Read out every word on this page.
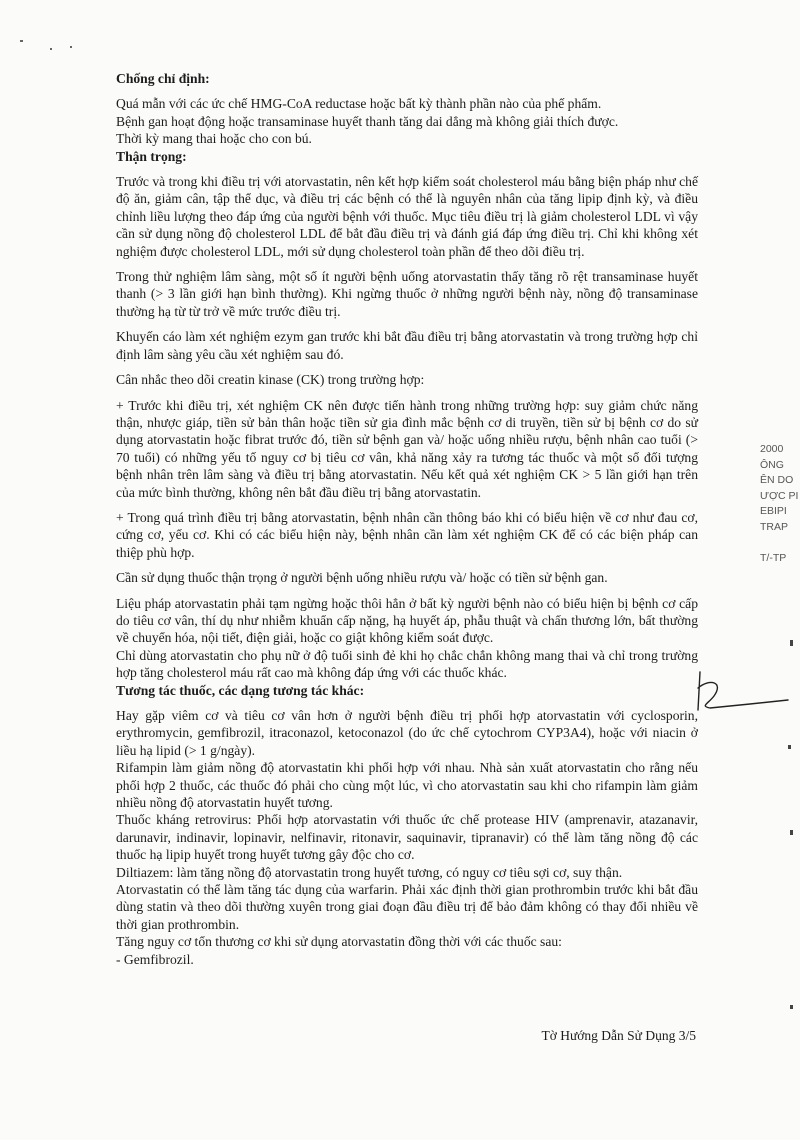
Chống chỉ định:

Quá mẫn với các ức chế HMG-CoA reductase hoặc bất kỳ thành phần nào của phế phẩm.

Bệnh gan hoạt động hoặc transaminase huyết thanh tăng dai dẳng mà không giải thích được.

Thời kỳ mang thai hoặc cho con bú.

Thận trọng:

Trước và trong khi điều trị với atorvastatin, nên kết hợp kiểm soát cholesterol máu bằng biện pháp như chế độ ăn, giảm cân, tập thể dục, và điều trị các bệnh có thể là nguyên nhân của tăng lipip định kỳ, và điều chỉnh liều lượng theo đáp ứng của người bệnh với thuốc. Mục tiêu điều trị là giảm cholesterol LDL vì vậy cần sử dụng nồng độ cholesterol LDL để bắt đầu điều trị và đánh giá đáp ứng điều trị. Chỉ khi không xét nghiệm được cholesterol LDL, mới sử dụng cholesterol toàn phần để theo dõi điều trị.

Trong thử nghiệm lâm sàng, một số ít người bệnh uống atorvastatin thấy tăng rõ rệt transaminase huyết thanh (> 3 lần giới hạn bình thường). Khi ngừng thuốc ở những người bệnh này, nồng độ transaminase thường hạ từ từ trở về mức trước điều trị.

Khuyến cáo làm xét nghiệm ezym gan trước khi bắt đầu điều trị bằng atorvastatin và trong trường hợp chỉ định lâm sàng yêu cầu xét nghiệm sau đó.

Cân nhắc theo dõi creatin kinase (CK) trong trường hợp:

+ Trước khi điều trị, xét nghiệm CK nên được tiến hành trong những trường hợp: suy giảm chức năng thận, nhược giáp, tiền sử bản thân hoặc tiền sử gia đình mắc bệnh cơ di truyền, tiền sử bị bệnh cơ do sử dụng atorvastatin hoặc fibrat trước đó, tiền sử bệnh gan và/ hoặc uống nhiều rượu, bệnh nhân cao tuổi (> 70 tuổi) có những yếu tố nguy cơ bị tiêu cơ vân, khả năng xảy ra tương tác thuốc và một số đối tượng bệnh nhân trên lâm sàng và điều trị bằng atorvastatin. Nếu kết quả xét nghiệm CK > 5 lần giới hạn trên của mức bình thường, không nên bắt đầu điều trị bằng atorvastatin.

+ Trong quá trình điều trị bằng atorvastatin, bệnh nhân cần thông báo khi có biểu hiện về cơ như đau cơ, cứng cơ, yếu cơ. Khi có các biểu hiện này, bệnh nhân cần làm xét nghiệm CK để có các biện pháp can thiệp phù hợp.

Cần sử dụng thuốc thận trọng ở người bệnh uống nhiều rượu và/ hoặc có tiền sử bệnh gan.

Liệu pháp atorvastatin phải tạm ngừng hoặc thôi hẳn ở bất kỳ người bệnh nào có biểu hiện bị bệnh cơ cấp do tiêu cơ vân, thí dụ như nhiễm khuẩn cấp nặng, hạ huyết áp, phẫu thuật và chấn thương lớn, bất thường về chuyển hóa, nội tiết, điện giải, hoặc co giật không kiểm soát được.

Chỉ dùng atorvastatin cho phụ nữ ở độ tuổi sinh đẻ khi họ chắc chắn không mang thai và chỉ trong trường hợp tăng cholesterol máu rất cao mà không đáp ứng với các thuốc khác.

Tương tác thuốc, các dạng tương tác khác:

Hay gặp viêm cơ và tiêu cơ vân hơn ở người bệnh điều trị phối hợp atorvastatin với cyclosporin, erythromycin, gemfibrozil, itraconazol, ketoconazol (do ức chế cytochrom CYP3A4), hoặc với niacin ở liều hạ lipid (> 1 g/ngày).

Rifampin làm giảm nồng độ atorvastatin khi phối hợp với nhau. Nhà sản xuất atorvastatin cho rằng nếu phối hợp 2 thuốc, các thuốc đó phải cho cùng một lúc, vì cho atorvastatin sau khi cho rifampin làm giảm nhiều nồng độ atorvastatin huyết tương.

Thuốc kháng retrovirus: Phối hợp atorvastatin với thuốc ức chế protease HIV (amprenavir, atazanavir, darunavir, indinavir, lopinavir, nelfinavir, ritonavir, saquinavir, tipranavir) có thể làm tăng nồng độ các thuốc hạ lipip huyết trong huyết tương gây độc cho cơ.

Diltiazem: làm tăng nồng độ atorvastatin trong huyết tương, có nguy cơ tiêu sợi cơ, suy thận.

Atorvastatin có thể làm tăng tác dụng của warfarin. Phải xác định thời gian prothrombin trước khi bắt đầu dùng statin và theo dõi thường xuyên trong giai đoạn đầu điều trị để bảo đảm không có thay đổi nhiều về thời gian prothrombin.

Tăng nguy cơ tổn thương cơ khi sử dụng atorvastatin đồng thời với các thuốc sau:

- Gemfibrozil.

Tờ Hướng Dẫn Sử Dụng 3/5
2000
ÔNG
ÊN DO
ƯỢC PI
EBIPI
TRAP

T/-TP
